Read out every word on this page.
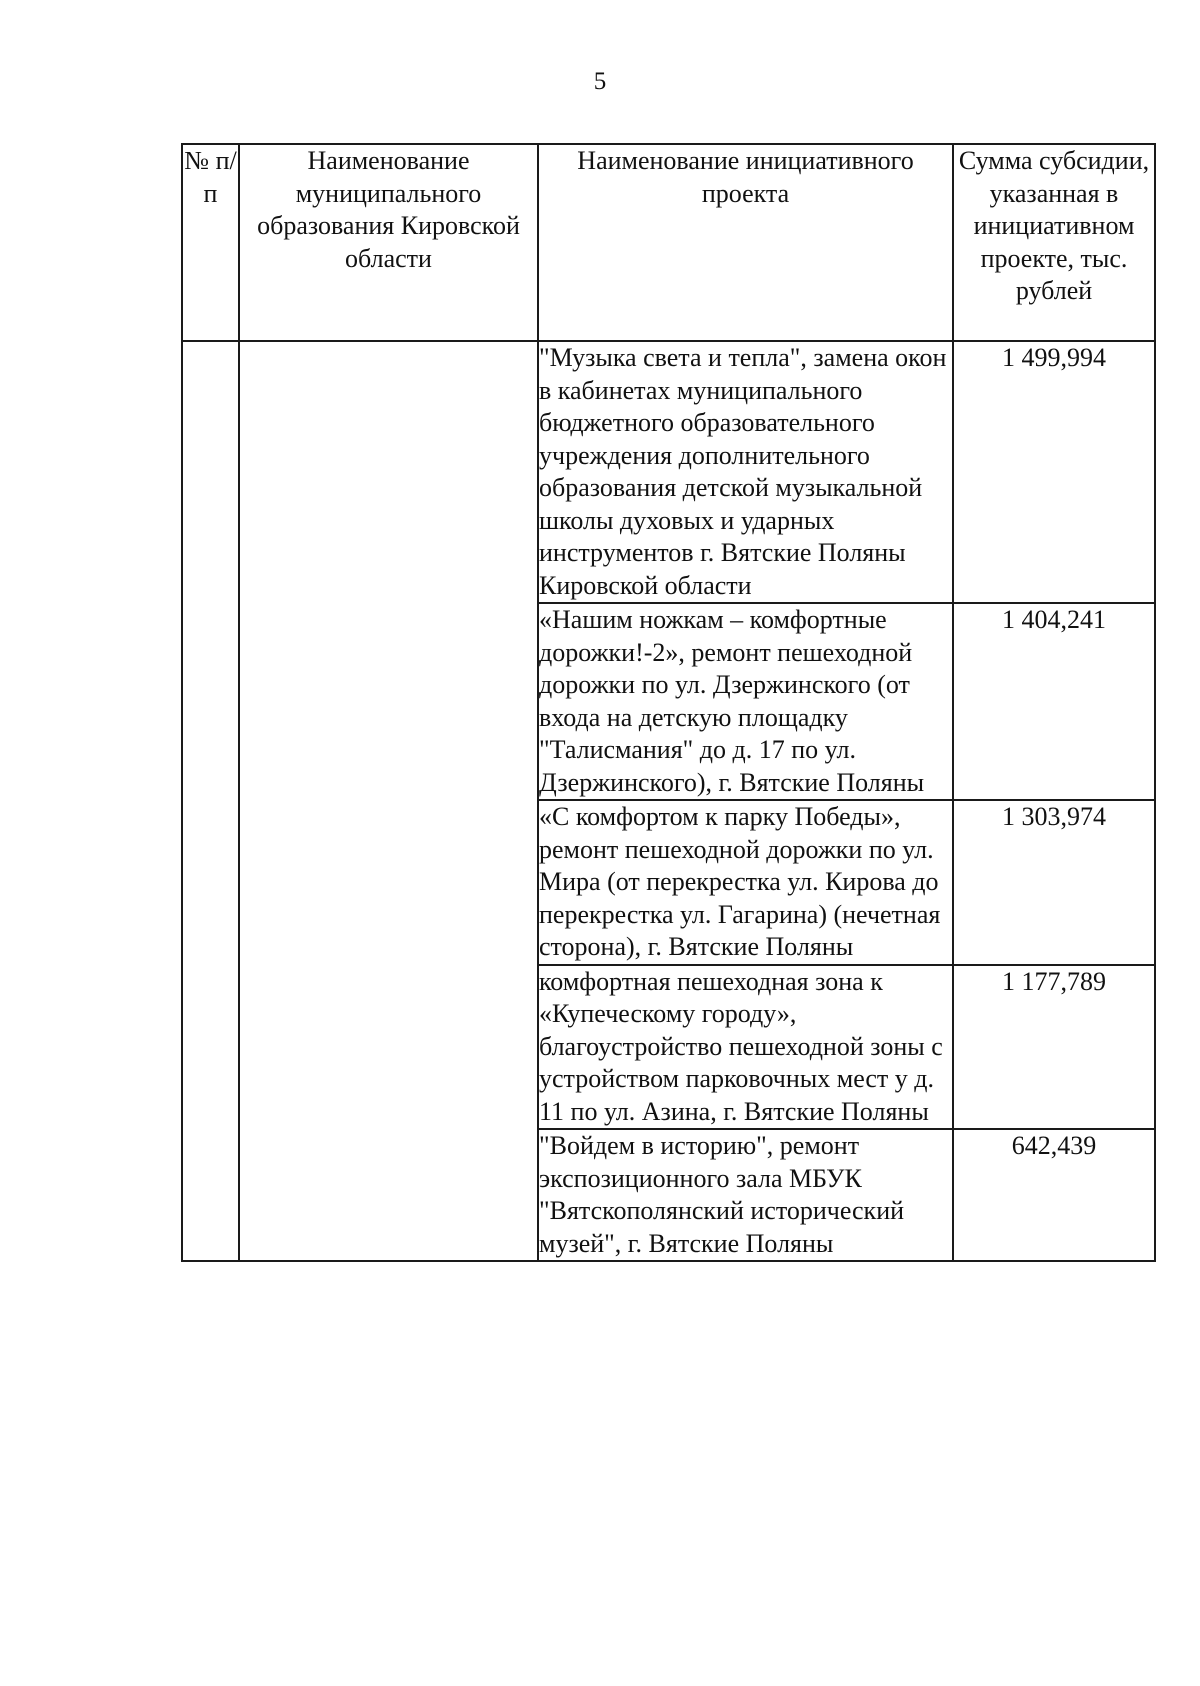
5
№ п/п	Наименование муниципального образования Кировской области	Наименование инициативного проекта	Сумма субсидии, указанная в инициативном проекте, тыс. рублей
		"Музыка света и тепла", замена окон в кабинетах муниципального бюджетного образовательного учреждения дополнительного образования детской музыкальной школы духовых и ударных инструментов г. Вятские Поляны Кировской области	1 499,994
		«Нашим ножкам – комфортные дорожки!-2», ремонт пешеходной дорожки по ул. Дзержинского (от входа на детскую площадку "Талисмания" до д. 17 по ул. Дзержинского), г. Вятские Поляны	1 404,241
		«С комфортом к парку Победы», ремонт пешеходной дорожки по ул. Мира (от перекрестка ул. Кирова до перекрестка ул. Гагарина) (нечетная сторона), г. Вятские Поляны	1 303,974
		комфортная пешеходная зона к «Купеческому городу», благоустройство пешеходной зоны с устройством парковочных мест у д. 11 по ул. Азина, г. Вятские Поляны	1 177,789
		"Войдем в историю", ремонт экспозиционного зала МБУК "Вятскополянский исторический музей", г. Вятские Поляны	642,439
